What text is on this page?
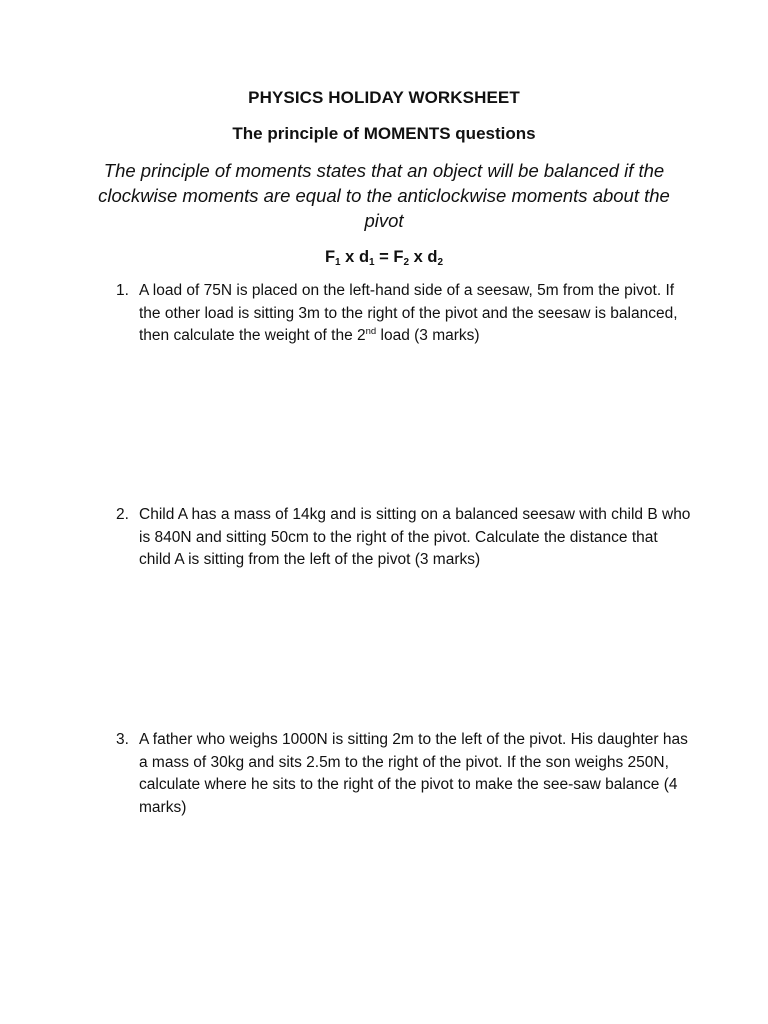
PHYSICS HOLIDAY WORKSHEET
The principle of MOMENTS questions
The principle of moments states that an object will be balanced if the clockwise moments are equal to the anticlockwise moments about the pivot
$F_1$ x $d_1 = F_2$ x $d_2$
1. A load of 75N is placed on the left-hand side of a seesaw, 5m from the pivot. If the other load is sitting 3m to the right of the pivot and the seesaw is balanced, then calculate the weight of the 2nd load (3 marks)
2. Child A has a mass of 14kg and is sitting on a balanced seesaw with child B who is 840N and sitting 50cm to the right of the pivot. Calculate the distance that child A is sitting from the left of the pivot (3 marks)
3. A father who weighs 1000N is sitting 2m to the left of the pivot. His daughter has a mass of 30kg and sits 2.5m to the right of the pivot. If the son weighs 250N, calculate where he sits to the right of the pivot to make the see-saw balance (4 marks)
